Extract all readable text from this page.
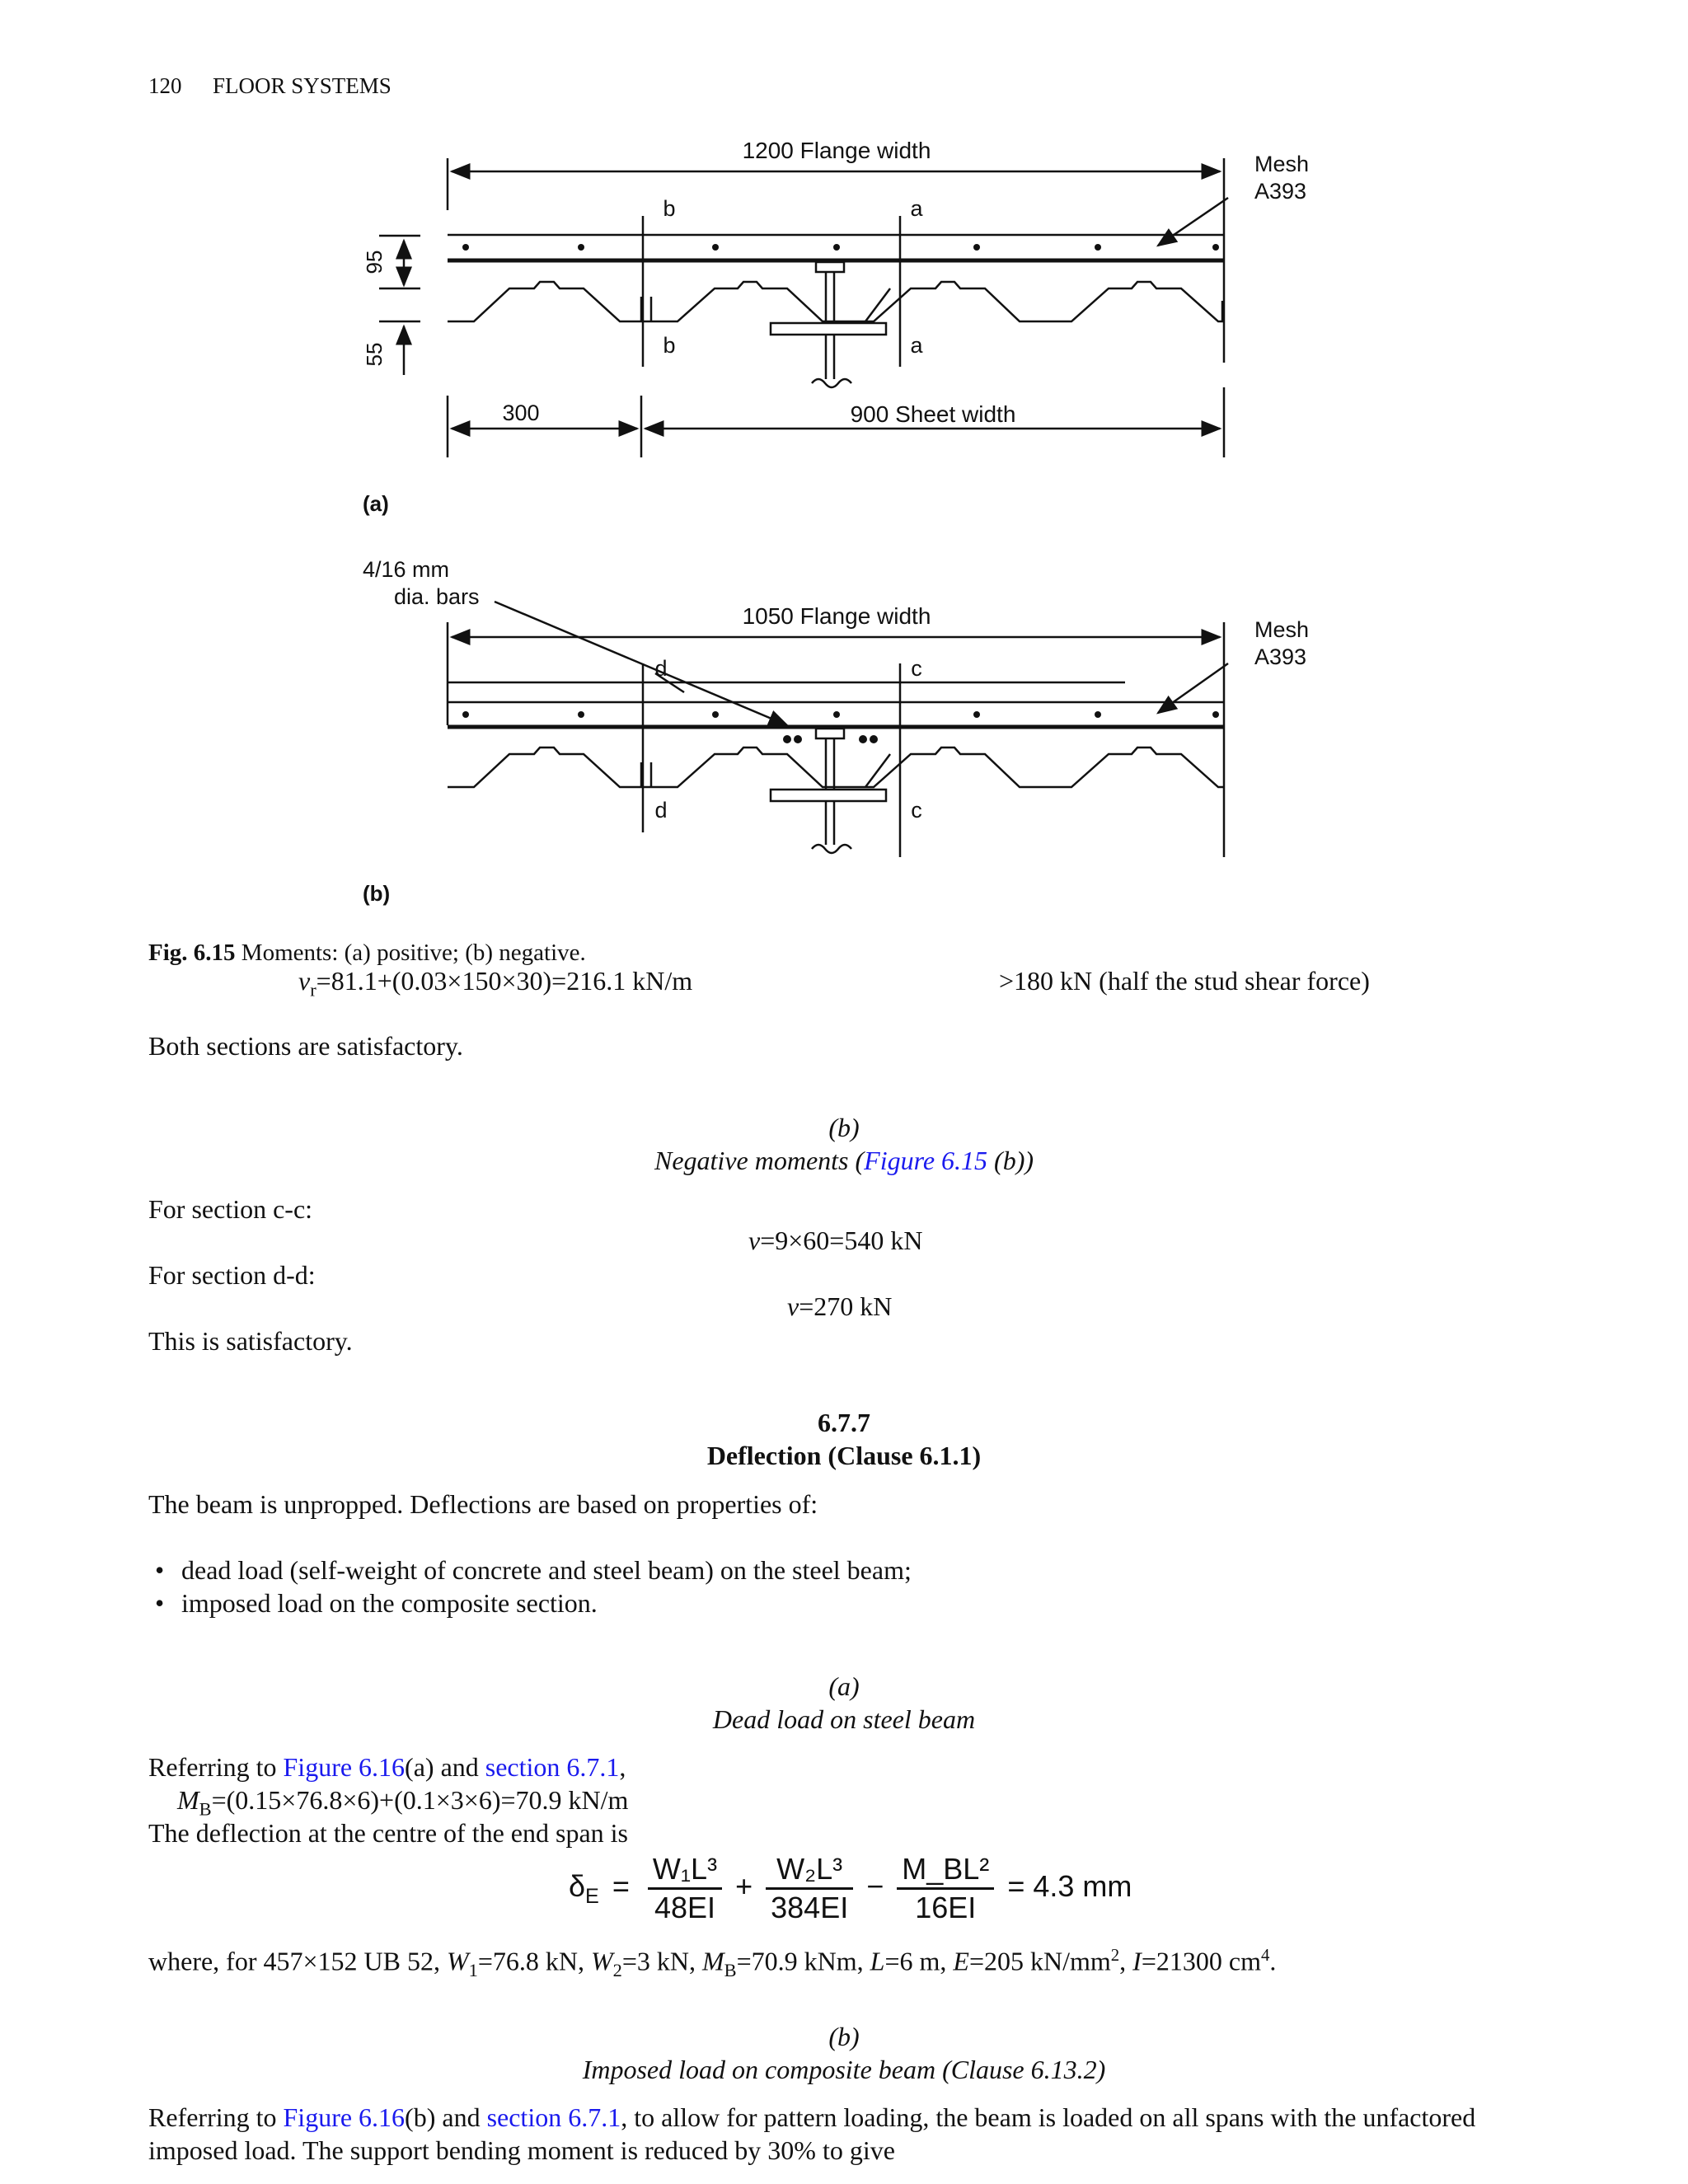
120 FLOOR SYSTEMS
1200 Flange width
Mesh
A393
b	a
b	a
95
55
300	900 Sheet width
(a)
4/16 mm
dia. bars
1050 Flange width
Mesh
A393
d	c
d	c
(b)
Fig. 6.15 Moments: (a) positive; (b) negative.
$v_r=81.1+(0.03\times 150\times 30)=216.1$ kN/m	>180 kN (half the stud shear force)
Both sections are satisfactory.
(b)
Negative moments (Figure 6.15 (b))
For section c-c:
v=9×60=540 kN
For section d-d:
v=270 kN
This is satisfactory.
6.7.7
Deflection (Clause 6.1.1)
The beam is unpropped. Deflections are based on properties of:
• dead load (self-weight of concrete and steel beam) on the steel beam;
• imposed load on the composite section.
(a)
Dead load on steel beam
Referring to Figure 6.16(a) and section 6.7.1,
$M_B=(0.15\times 76.8\times 6)+(0.1\times 3\times 6)=70.9$ kN/m
The deflection at the centre of the end span is
$\delta_E = \frac{\text{W₁L³}}{48EI} + \frac{\text{W₂L³}}{384EI} - \frac{\text{M\_BL²}}{16EI} = 4.3$ mm
where, for 457×152 UB 52, $W_1=76.8$ kN, $W_2=3$ kN, $M_B=70.9$ kNm, L=6 m, E=205 $kN/mm^2$, I=21300 $cm^4$.
(b)
Imposed load on composite beam (Clause 6.13.2)
Referring to Figure 6.16(b) and section 6.7.1, to allow for pattern loading, the beam is loaded on all spans with the unfactored
imposed load. The support bending moment is reduced by 30% to give
